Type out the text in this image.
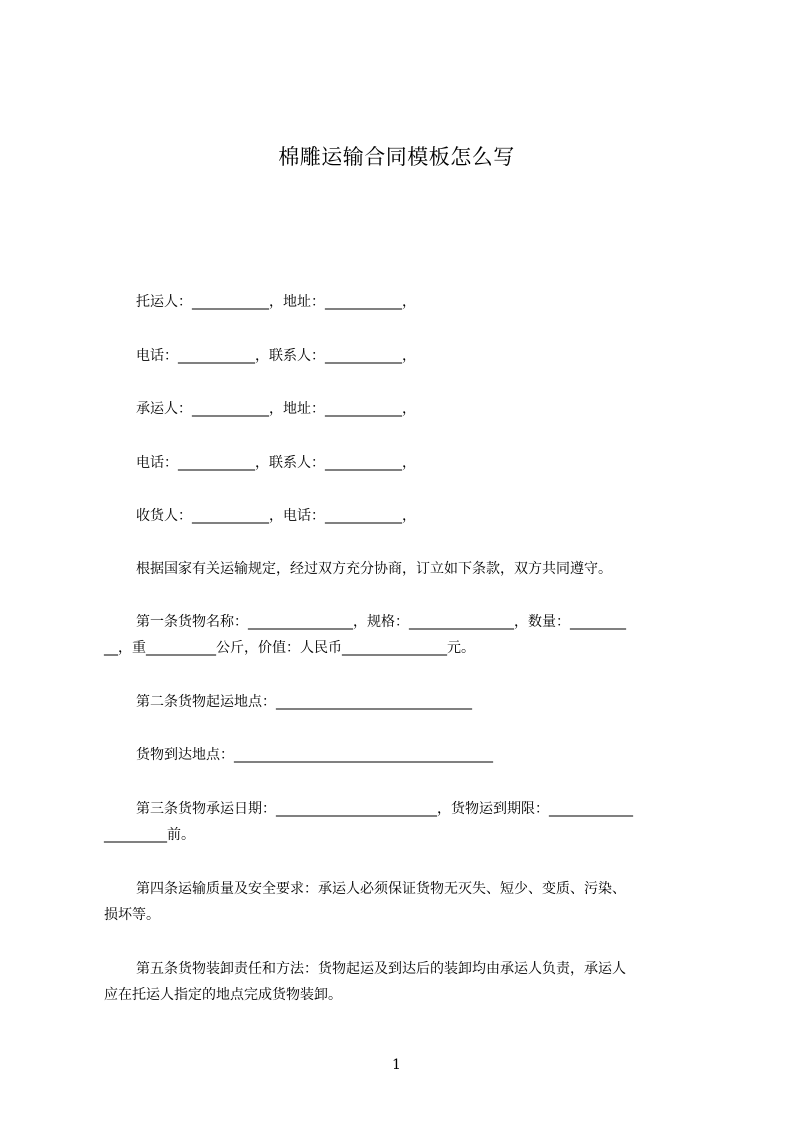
棉雕运输合同模板怎么写
托运人：___________，地址：___________，
电话：___________，联系人：___________，
承运人：___________，地址：___________，
电话：___________，联系人：___________，
收货人：___________，电话：___________，
根据国家有关运输规定，经过双方充分协商，订立如下条款，双方共同遵守。
第一条货物名称：_______________，规格：_______________，数量：________
__，重__________公斤，价值：人民币_______________元。
第二条货物起运地点：____________________________
货物到达地点：_____________________________________
第三条货物承运日期：_______________________，货物运到期限：____________
_________前。
第四条运输质量及安全要求：承运人必须保证货物无灭失、短少、变质、污染、
损坏等。
第五条货物装卸责任和方法：货物起运及到达后的装卸均由承运人负责，承运人
应在托运人指定的地点完成货物装卸。
1
